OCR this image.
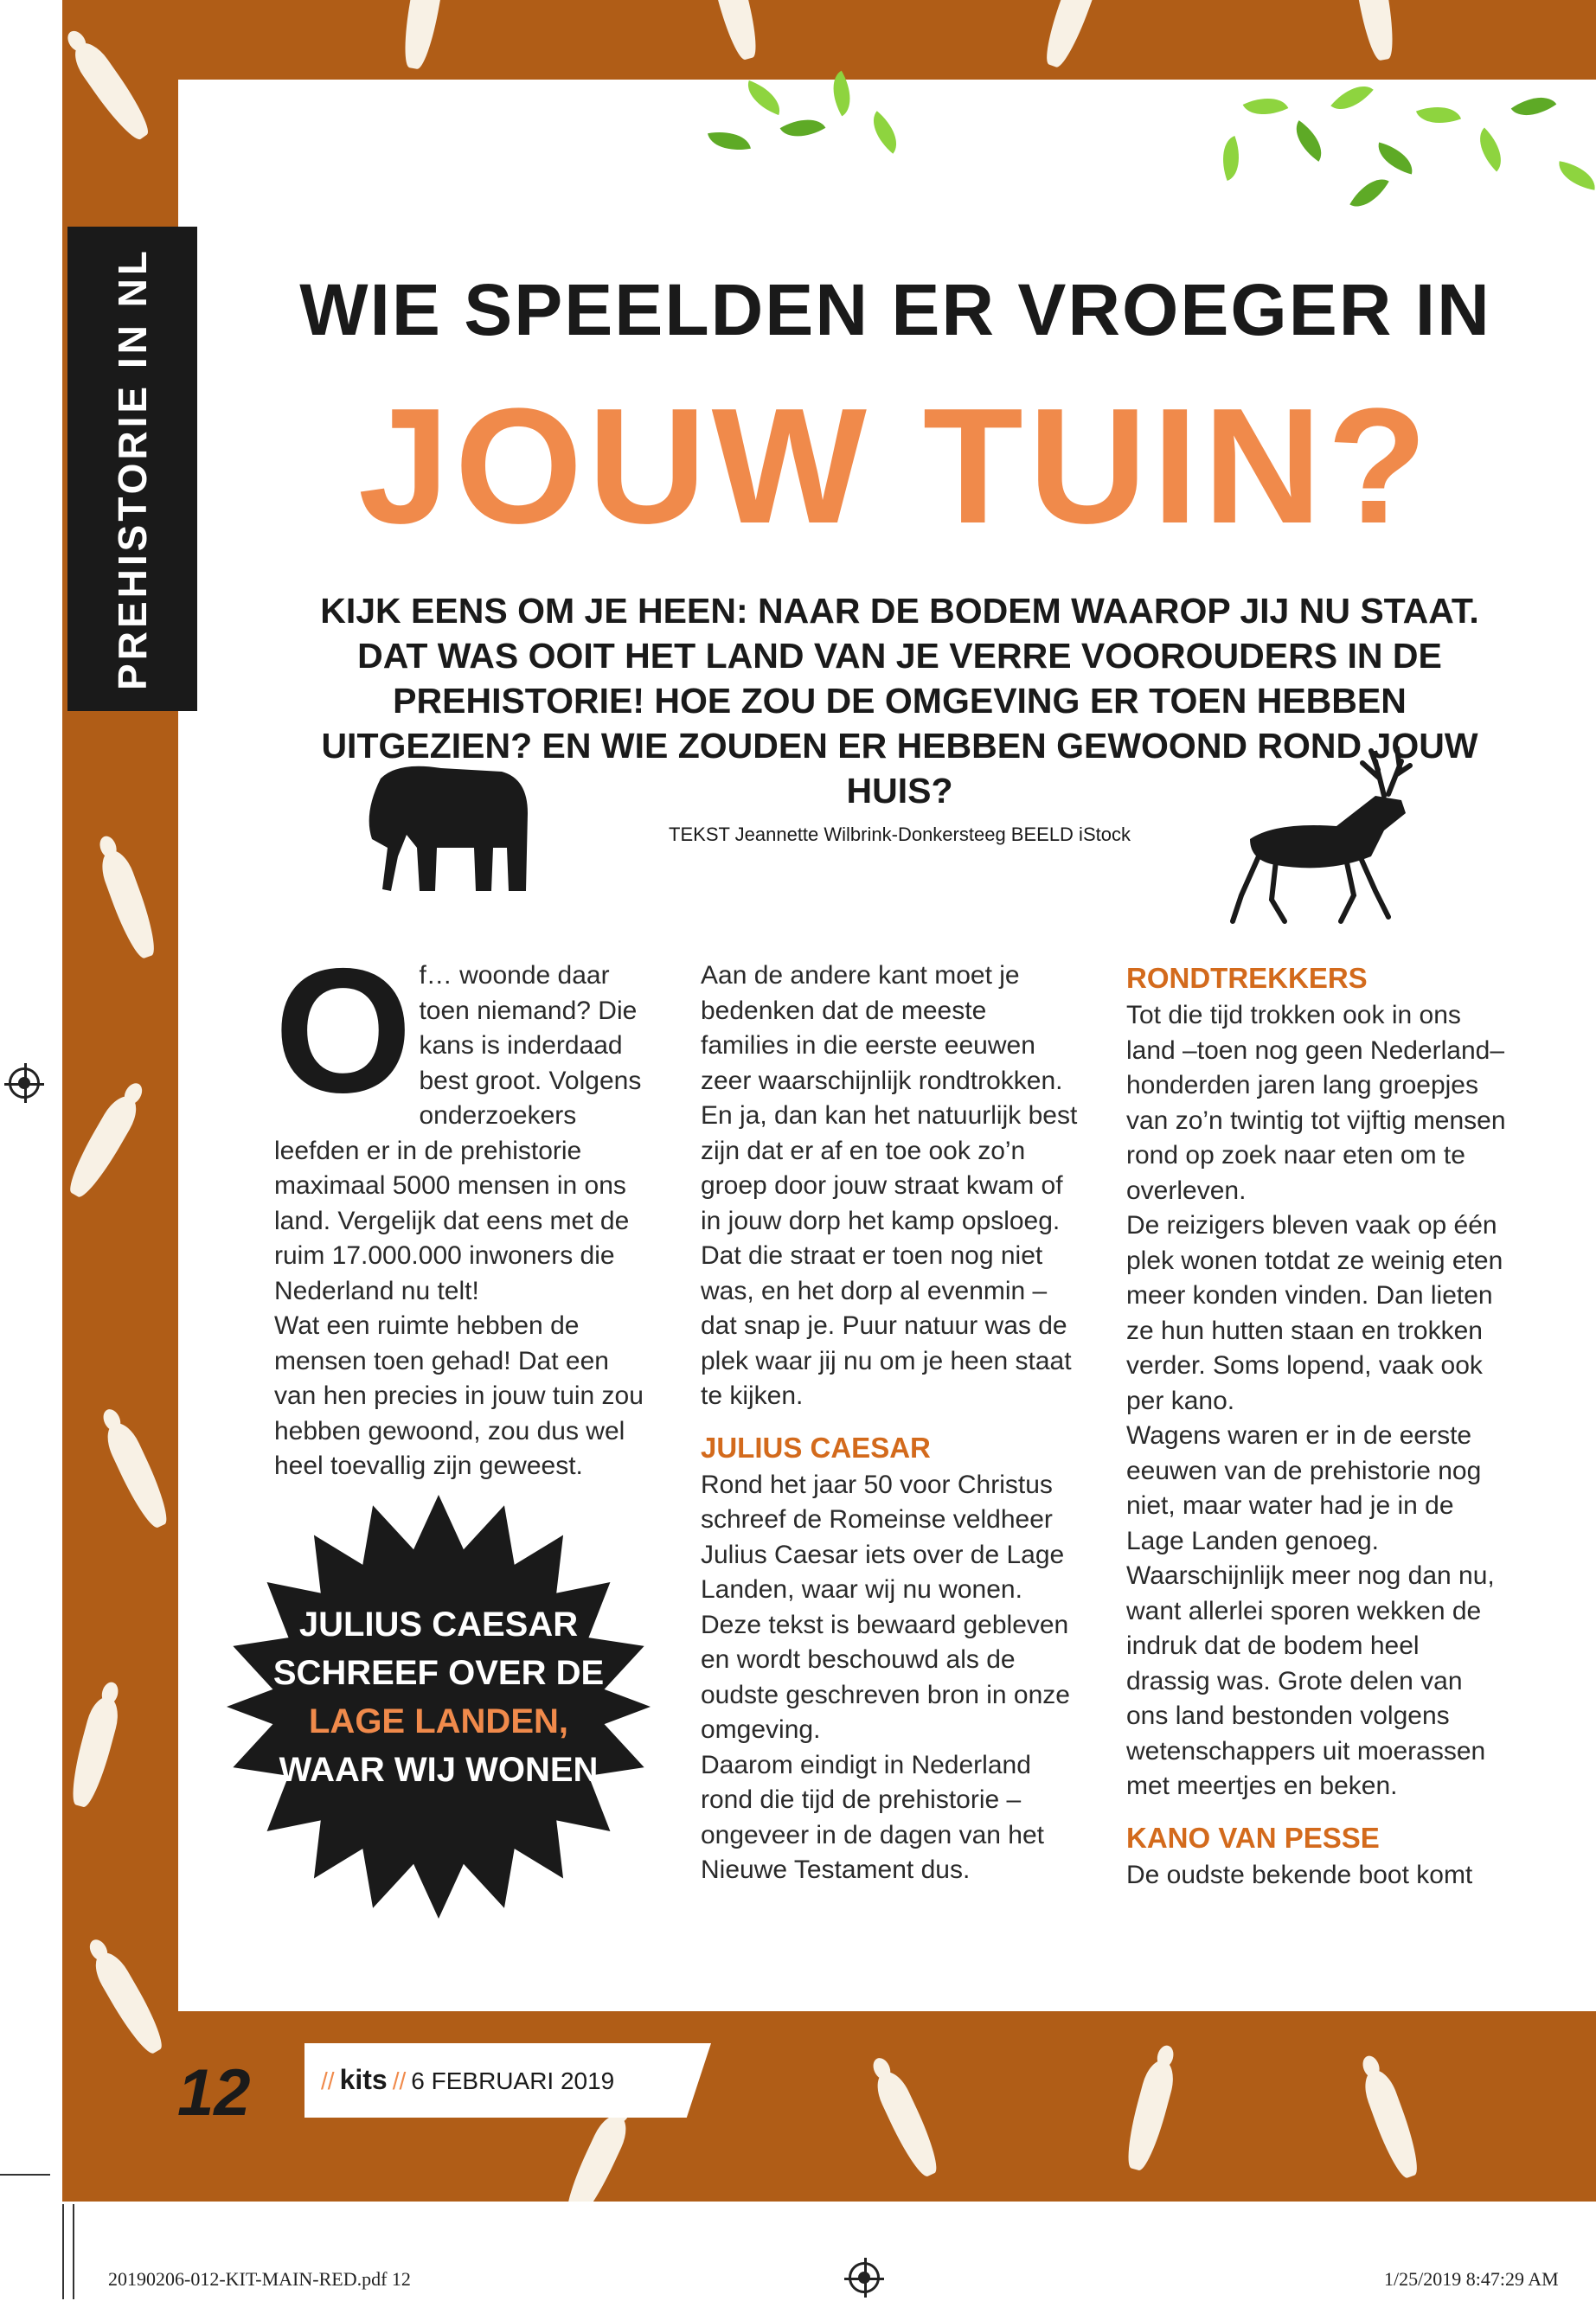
PREHISTORIE IN NL	WIE SPEELDEN ER VROEGER IN
JOUW TUIN?
KIJK EENS OM JE HEEN: NAAR DE BODEM WAAROP JIJ NU STAAT. DAT WAS OOIT HET LAND VAN JE VERRE VOOROUDERS IN DE PREHISTORIE! HOE ZOU DE OMGEVING ER TOEN HEBBEN UITGEZIEN? EN WIE ZOUDEN ER HEBBEN GEWOOND ROND JOUW HUIS?
TEKST Jeannette Wilbrink-Donkersteeg BEELD iStock
O f… woonde daar toen niemand? Die kans is inderdaad best groot. Volgens onderzoekers leefden er in de prehistorie maximaal 5000 mensen in ons land. Vergelijk dat eens met de ruim 17.000.000 inwoners die Nederland nu telt!

Wat een ruimte hebben de mensen toen gehad! Dat een van hen precies in jouw tuin zou hebben gewoond, zou dus wel heel toevallig zijn geweest.

Aan de andere kant moet je bedenken dat de meeste families in die eerste eeuwen zeer waarschijnlijk rondtrokken.

En ja, dan kan het natuurlijk best zijn dat er af en toe ook zo’n groep door jouw straat kwam of in jouw dorp het kamp opsloeg. Dat die straat er toen nog niet was, en het dorp al evenmin – dat snap je. Puur natuur was de plek waar jij nu om je heen staat te kijken.

JULIUS CAESAR

Rond het jaar 50 voor Christus schreef de Romeinse veldheer Julius Caesar iets over de Lage Landen, waar wij nu wonen. Deze tekst is bewaard gebleven en wordt beschouwd als de oudste geschreven bron in onze omgeving.

Daarom eindigt in Nederland rond die tijd de prehistorie – ongeveer in de dagen van het Nieuwe Testament dus.

RONDTREKKERS

Tot die tijd trokken ook in ons land –toen nog geen Nederland– honderden jaren lang groepjes van zo’n twintig tot vijftig mensen rond op zoek naar eten om te overleven.

De reizigers bleven vaak op één plek wonen totdat ze weinig eten meer konden vinden. Dan lieten ze hun hutten staan en trokken verder. Soms lopend, vaak ook per kano.

Wagens waren er in de eerste eeuwen van de prehistorie nog niet, maar water had je in de Lage Landen genoeg. Waarschijnlijk meer nog dan nu, want allerlei sporen wekken de indruk dat de bodem heel drassig was. Grote delen van ons land bestonden volgens wetenschappers uit moerassen met meertjes en beken.

KANO VAN PESSE

De oudste bekende boot komt

JULIUS CAESAR SCHREEF OVER DE LAGE LANDEN, WAAR WIJ WONEN
12	// kits // 6 FEBRUARI 2019
20190206-012-KIT-MAIN-RED.pdf 12	1/25/2019 8:47:29 AM
